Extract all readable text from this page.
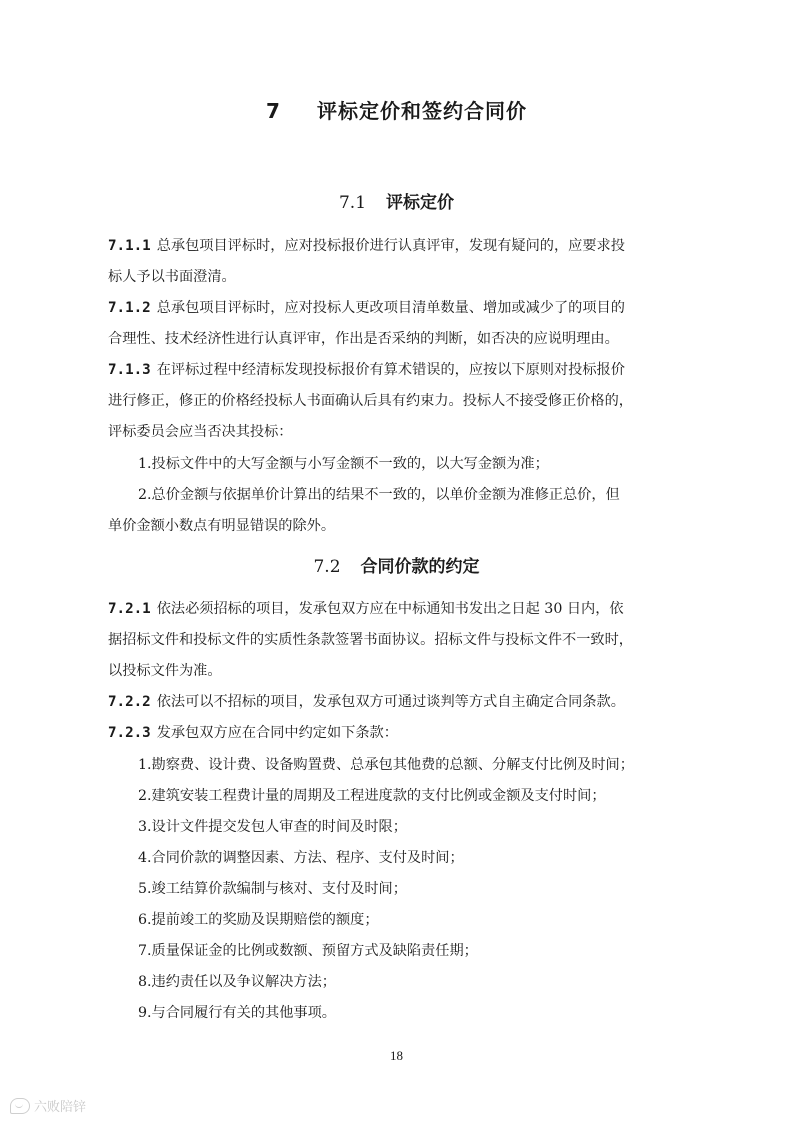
7 评标定价和签约合同价
7.1 评标定价

7.1.1 总承包项目评标时，应对投标报价进行认真评审，发现有疑问的，应要求投

标人予以书面澄清。

7.1.2 总承包项目评标时，应对投标人更改项目清单数量、增加或减少了的项目的

合理性、技术经济性进行认真评审，作出是否采纳的判断，如否决的应说明理由。

7.1.3 在评标过程中经清标发现投标报价有算术错误的，应按以下原则对投标报价

进行修正，修正的价格经投标人书面确认后具有约束力。投标人不接受修正价格的，

评标委员会应当否决其投标：

1.投标文件中的大写金额与小写金额不一致的，以大写金额为准；

2.总价金额与依据单价计算出的结果不一致的，以单价金额为准修正总价，但

单价金额小数点有明显错误的除外。

7.2 合同价款的约定

7.2.1 依法必须招标的项目，发承包双方应在中标通知书发出之日起 30 日内，依

据招标文件和投标文件的实质性条款签署书面协议。招标文件与投标文件不一致时，

以投标文件为准。

7.2.2 依法可以不招标的项目，发承包双方可通过谈判等方式自主确定合同条款。

7.2.3 发承包双方应在合同中约定如下条款：

1.勘察费、设计费、设备购置费、总承包其他费的总额、分解支付比例及时间；

2.建筑安装工程费计量的周期及工程进度款的支付比例或金额及支付时间；

3.设计文件提交发包人审查的时间及时限；

4.合同价款的调整因素、方法、程序、支付及时间；

5.竣工结算价款编制与核对、支付及时间；

6.提前竣工的奖励及误期赔偿的额度；

7.质量保证金的比例或数额、预留方式及缺陷责任期；

8.违约责任以及争议解决方法；

9.与合同履行有关的其他事项。

18
六败陪锌
